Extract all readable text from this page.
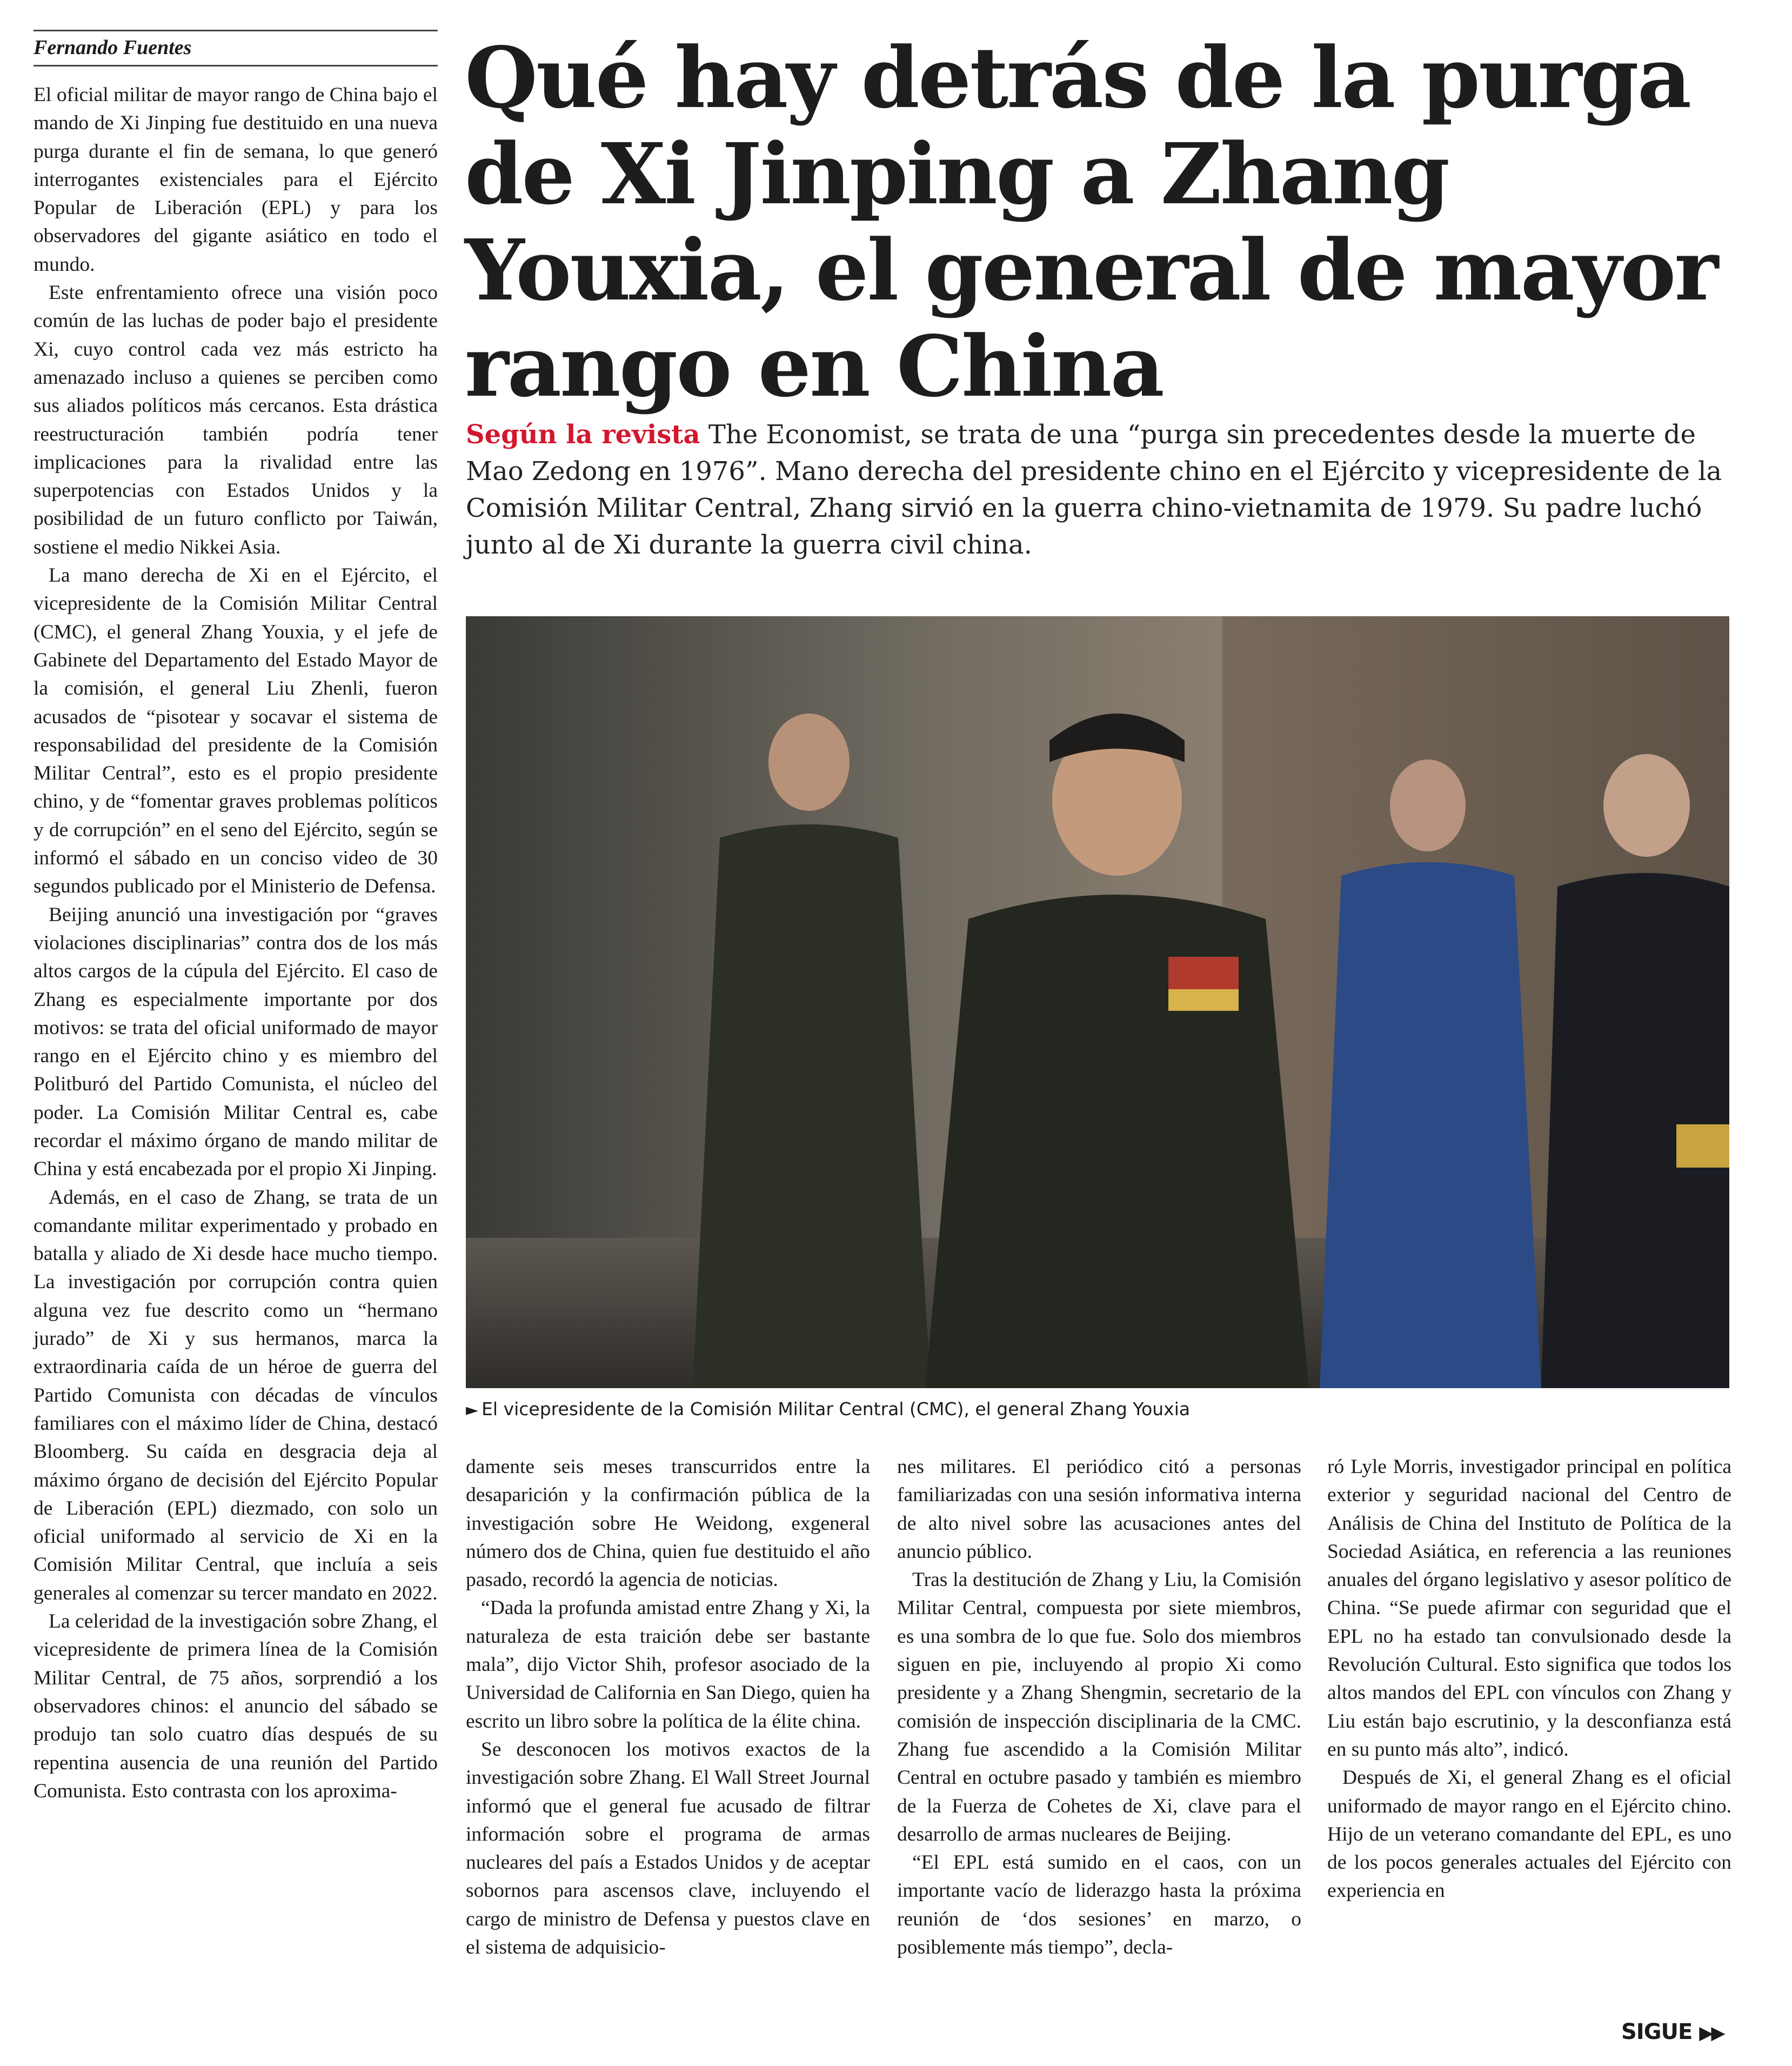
Fernando Fuentes

El oficial militar de mayor rango de China bajo el mando de Xi Jinping fue destituido en una nueva purga durante el fin de semana, lo que generó interrogantes existenciales para el Ejército Popular de Liberación (EPL) y para los observadores del gigante asiático en todo el mundo.

Este enfrentamiento ofrece una visión poco común de las luchas de poder bajo el presidente Xi, cuyo control cada vez más estricto ha amenazado incluso a quienes se perciben como sus aliados políticos más cercanos. Esta drástica reestructuración también podría tener implicaciones para la rivalidad entre las superpotencias con Estados Unidos y la posibilidad de un futuro conflicto por Taiwán, sostiene el medio Nikkei Asia.

La mano derecha de Xi en el Ejército, el vicepresidente de la Comisión Militar Central (CMC), el general Zhang Youxia, y el jefe de Gabinete del Departamento del Estado Mayor de la comisión, el general Liu Zhenli, fueron acusados de “pisotear y socavar el sistema de responsabilidad del presidente de la Comisión Militar Central”, esto es el propio presidente chino, y de “fomentar graves problemas políticos y de corrupción” en el seno del Ejército, según se informó el sábado en un conciso video de 30 segundos publicado por el Ministerio de Defensa.

Beijing anunció una investigación por “graves violaciones disciplinarias” contra dos de los más altos cargos de la cúpula del Ejército. El caso de Zhang es especialmente importante por dos motivos: se trata del oficial uniformado de mayor rango en el Ejército chino y es miembro del Politburó del Partido Comunista, el núcleo del poder. La Comisión Militar Central es, cabe recordar el máximo órgano de mando militar de China y está encabezada por el propio Xi Jinping.

Además, en el caso de Zhang, se trata de un comandante militar experimentado y probado en batalla y aliado de Xi desde hace mucho tiempo. La investigación por corrupción contra quien alguna vez fue descrito como un “hermano jurado” de Xi y sus hermanos, marca la extraordinaria caída de un héroe de guerra del Partido Comunista con décadas de vínculos familiares con el máximo líder de China, destacó Bloomberg. Su caída en desgracia deja al máximo órgano de decisión del Ejército Popular de Liberación (EPL) diezmado, con solo un oficial uniformado al servicio de Xi en la Comisión Militar Central, que incluía a seis generales al comenzar su tercer mandato en 2022.

La celeridad de la investigación sobre Zhang, el vicepresidente de primera línea de la Comisión Militar Central, de 75 años, sorprendió a los observadores chinos: el anuncio del sábado se produjo tan solo cuatro días después de su repentina ausencia de una reunión del Partido Comunista. Esto contrasta con los aproxima-

Qué hay detrás de la purga de Xi Jinping a Zhang Youxia, el general de mayor rango en China
Según la revista The Economist, se trata de una “purga sin precedentes desde la muerte de Mao Zedong en 1976”. Mano derecha del presidente chino en el Ejército y vicepresidente de la Comisión Militar Central, Zhang sirvió en la guerra chino-vietnamita de 1979. Su padre luchó junto al de Xi durante la guerra civil china.
► El vicepresidente de la Comisión Militar Central (CMC), el general Zhang Youxia

damente seis meses transcurridos entre la desaparición y la confirmación pública de la investigación sobre He Weidong, exgeneral número dos de China, quien fue destituido el año pasado, recordó la agencia de noticias.

“Dada la profunda amistad entre Zhang y Xi, la naturaleza de esta traición debe ser bastante mala”, dijo Victor Shih, profesor asociado de la Universidad de California en San Diego, quien ha escrito un libro sobre la política de la élite china.

Se desconocen los motivos exactos de la investigación sobre Zhang. El Wall Street Journal informó que el general fue acusado de filtrar información sobre el programa de armas nucleares del país a Estados Unidos y de aceptar sobornos para ascensos clave, incluyendo el cargo de ministro de Defensa y puestos clave en el sistema de adquisicio-

nes militares. El periódico citó a personas familiarizadas con una sesión informativa interna de alto nivel sobre las acusaciones antes del anuncio público.

Tras la destitución de Zhang y Liu, la Comisión Militar Central, compuesta por siete miembros, es una sombra de lo que fue. Solo dos miembros siguen en pie, incluyendo al propio Xi como presidente y a Zhang Shengmin, secretario de la comisión de inspección disciplinaria de la CMC. Zhang fue ascendido a la Comisión Militar Central en octubre pasado y también es miembro de la Fuerza de Cohetes de Xi, clave para el desarrollo de armas nucleares de Beijing.

“El EPL está sumido en el caos, con un importante vacío de liderazgo hasta la próxima reunión de ‘dos sesiones’ en marzo, o posiblemente más tiempo”, decla-

ró Lyle Morris, investigador principal en política exterior y seguridad nacional del Centro de Análisis de China del Instituto de Política de la Sociedad Asiática, en referencia a las reuniones anuales del órgano legislativo y asesor político de China. “Se puede afirmar con seguridad que el EPL no ha estado tan convulsionado desde la Revolución Cultural. Esto significa que todos los altos mandos del EPL con vínculos con Zhang y Liu están bajo escrutinio, y la desconfianza está en su punto más alto”, indicó.

Después de Xi, el general Zhang es el oficial uniformado de mayor rango en el Ejército chino. Hijo de un veterano comandante del EPL, es uno de los pocos generales actuales del Ejército con experiencia en

SIGUE ▶▶
